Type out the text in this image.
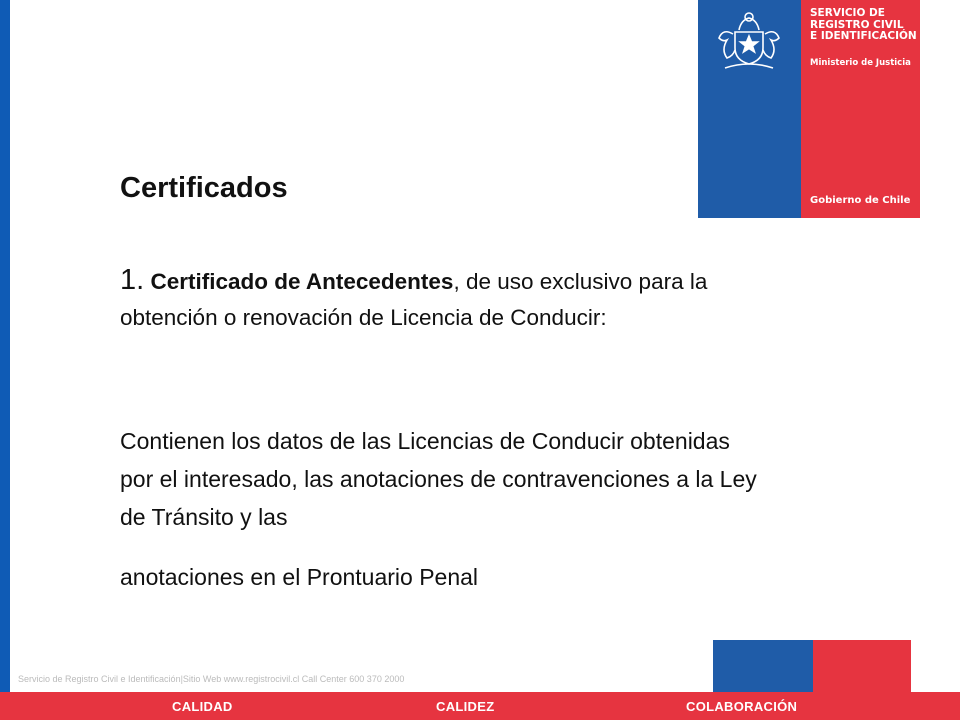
SERVICIO DE
REGISTRO CIVIL
E IDENTIFICACIÓN
Ministerio de Justicia
Gobierno de Chile
Certificados
1. Certificado de Antecedentes, de uso exclusivo para la obtención o renovación de Licencia de Conducir:
Contienen los datos de las Licencias de Conducir obtenidas por el interesado, las anotaciones de contravenciones a la Ley de Tránsito y las
anotaciones en el Prontuario Penal
Servicio de Registro Civil e Identificación|Sitio Web www.registrocivil.cl Call Center 600 370 2000
CALIDAD	CALIDEZ	COLABORACIÓN
